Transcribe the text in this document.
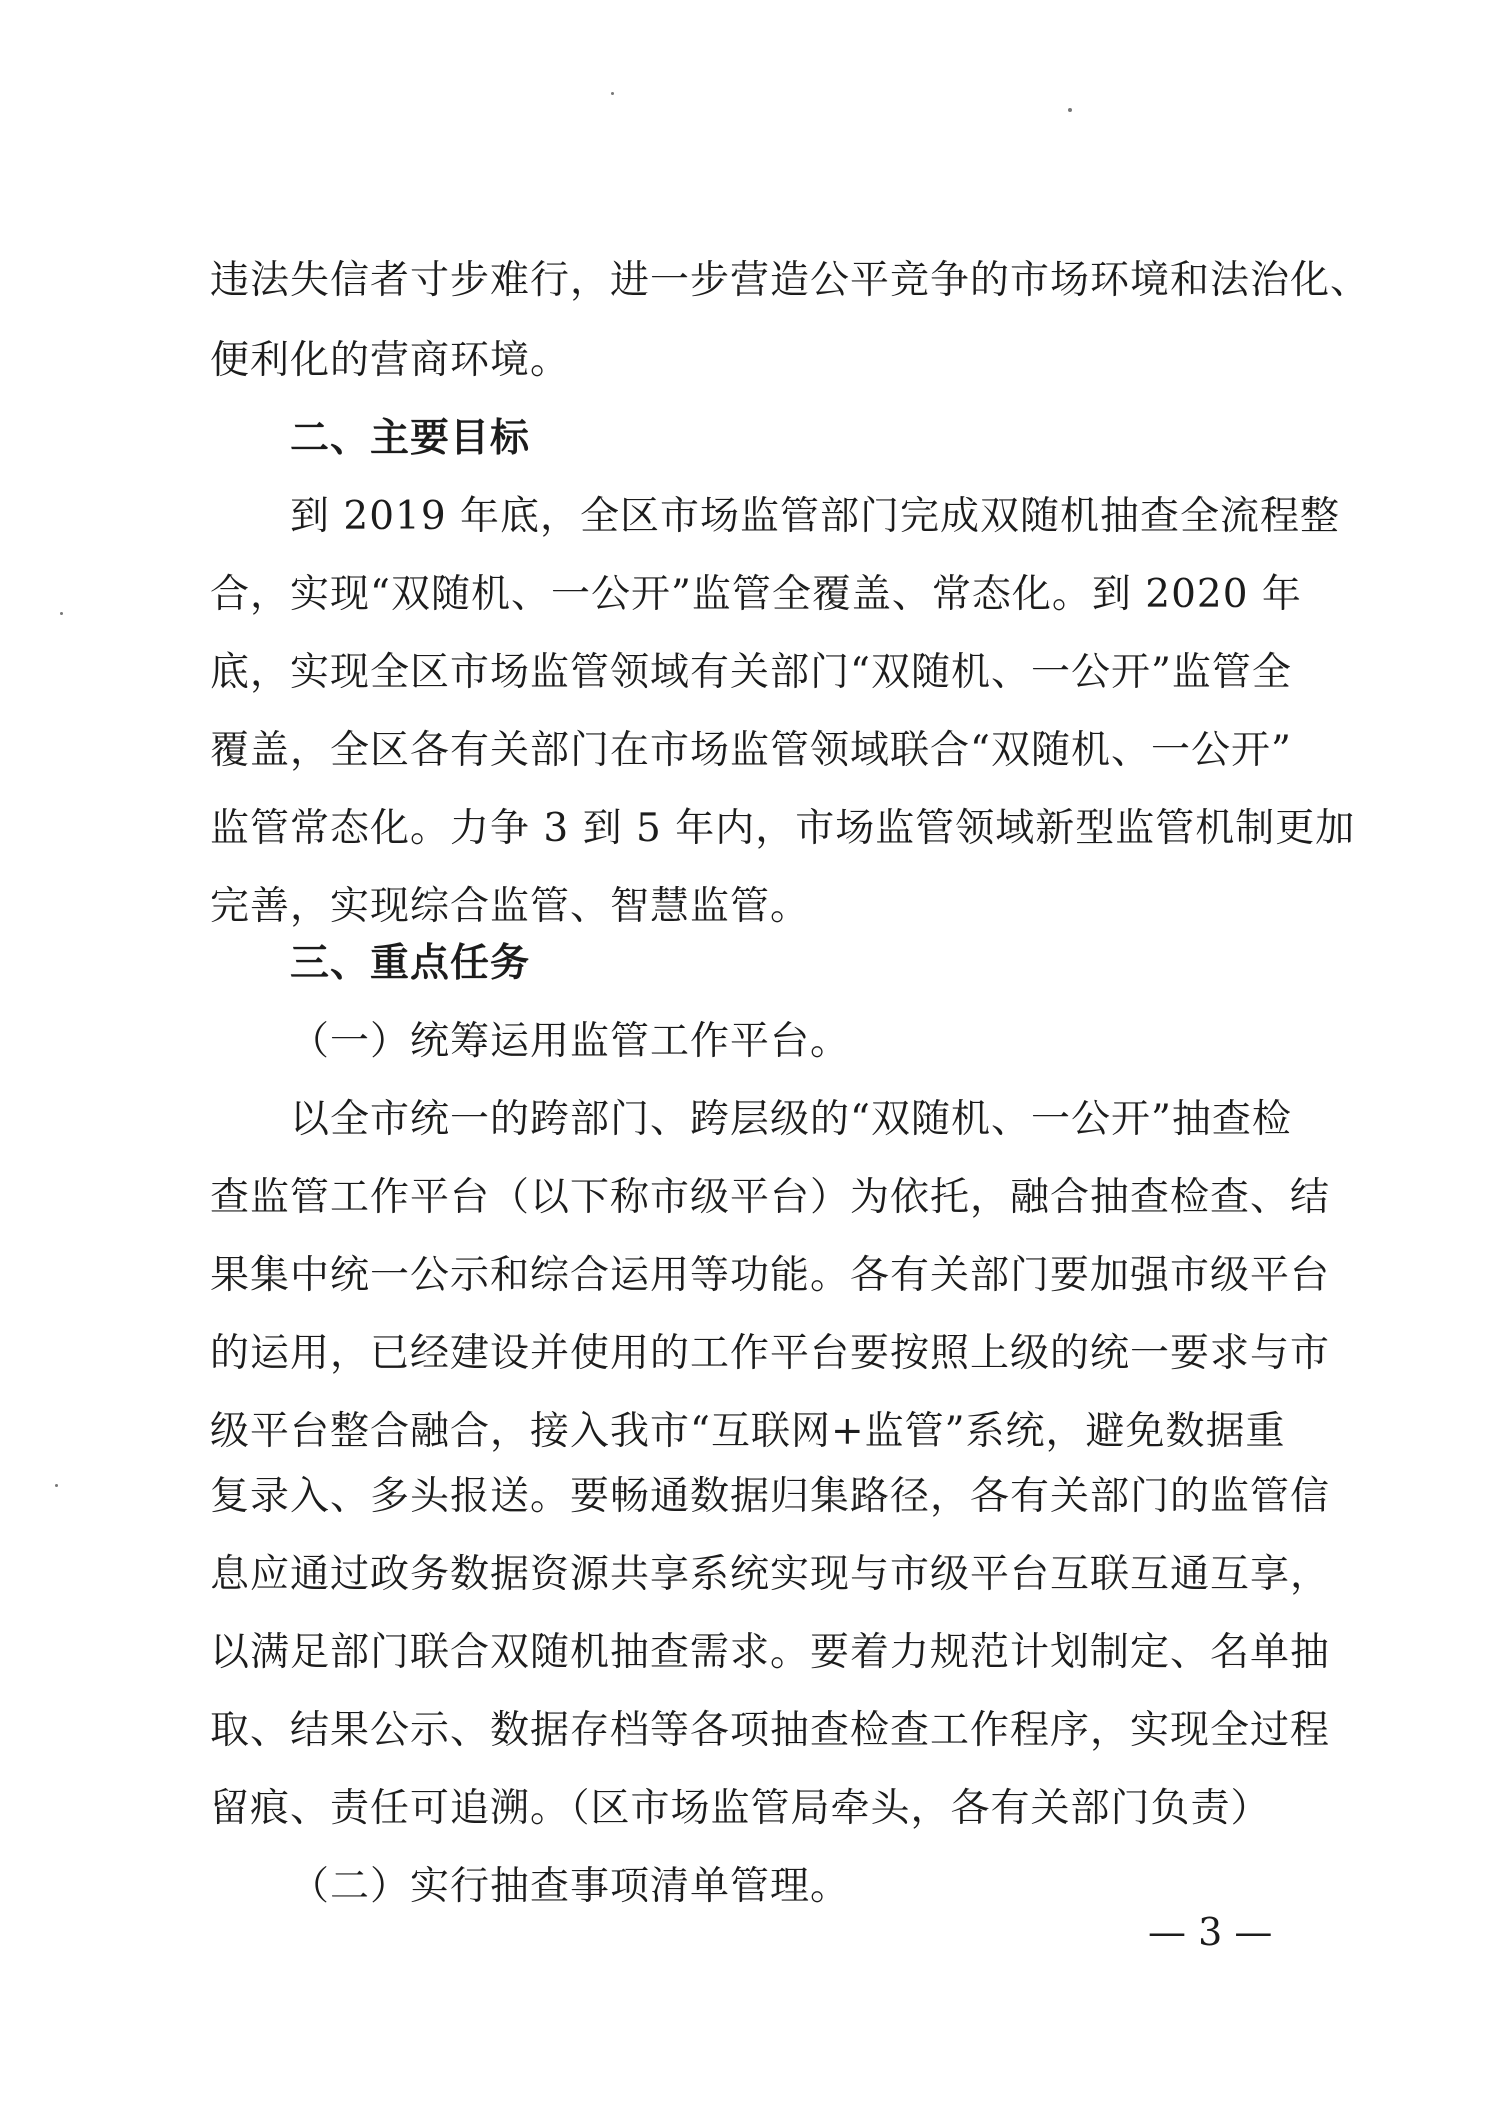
违法失信者寸步难行，进一步营造公平竞争的市场环境和法治化、
便利化的营商环境。
二、主要目标
到 2019 年底，全区市场监管部门完成双随机抽查全流程整
合，实现“双随机、一公开”监管全覆盖、常态化。到 2020 年
底，实现全区市场监管领域有关部门“双随机、一公开”监管全
覆盖，全区各有关部门在市场监管领域联合“双随机、一公开”
监管常态化。力争 3 到 5 年内，市场监管领域新型监管机制更加
完善，实现综合监管、智慧监管。
三、重点任务
（一）统筹运用监管工作平台。
以全市统一的跨部门、跨层级的“双随机、一公开”抽查检
查监管工作平台（以下称市级平台）为依托，融合抽查检查、结
果集中统一公示和综合运用等功能。各有关部门要加强市级平台
的运用，已经建设并使用的工作平台要按照上级的统一要求与市
级平台整合融合，接入我市“互联网+监管”系统，避免数据重
复录入、多头报送。要畅通数据归集路径，各有关部门的监管信
息应通过政务数据资源共享系统实现与市级平台互联互通互享，
以满足部门联合双随机抽查需求。要着力规范计划制定、名单抽
取、结果公示、数据存档等各项抽查检查工作程序，实现全过程
留痕、责任可追溯。（区市场监管局牵头，各有关部门负责）
（二）实行抽查事项清单管理。
— 3 —
